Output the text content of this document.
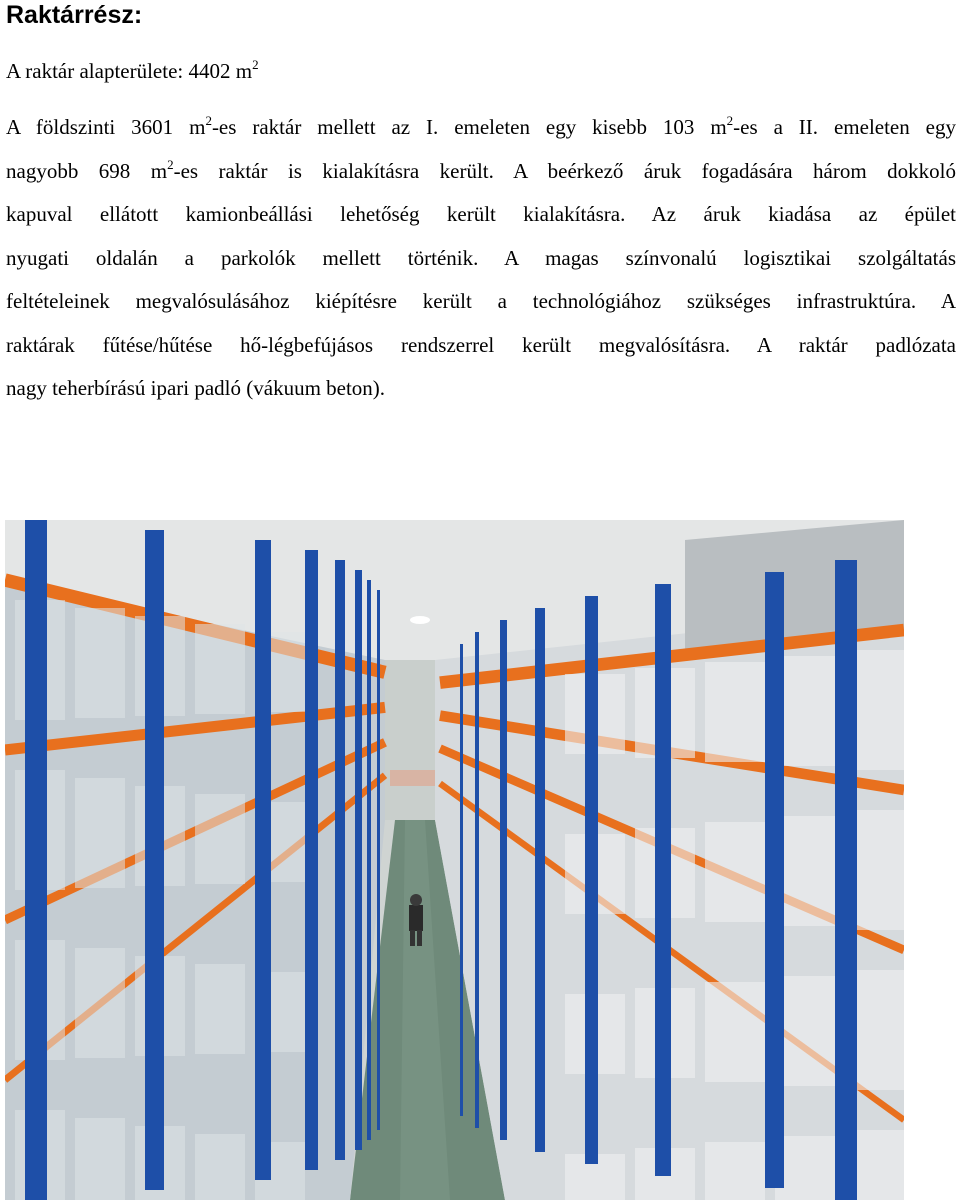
Raktárrész:

A raktár alapterülete: 4402 $m^2$

A földszinti 3601 $m^2-es$ raktár mellett az I. emeleten egy kisebb 103 $m^2-es$ a II. emeleten egy
nagyobb 698 $m^2-es$ raktár is kialakításra került. A beérkező áruk fogadására három dokkoló
kapuval ellátott kamionbeállási lehetőség került kialakításra. Az áruk kiadása az épület
nyugati oldalán a parkolók mellett történik. A magas színvonalú logisztikai szolgáltatás
feltételeinek megvalósulásához kiépítésre került a technológiához szükséges infrastruktúra. A
raktárak fűtése/hűtése hő-légbefújásos rendszerrel került megvalósításra. A raktár padlózata
nagy teherbírású ipari padló (vákuum beton).
